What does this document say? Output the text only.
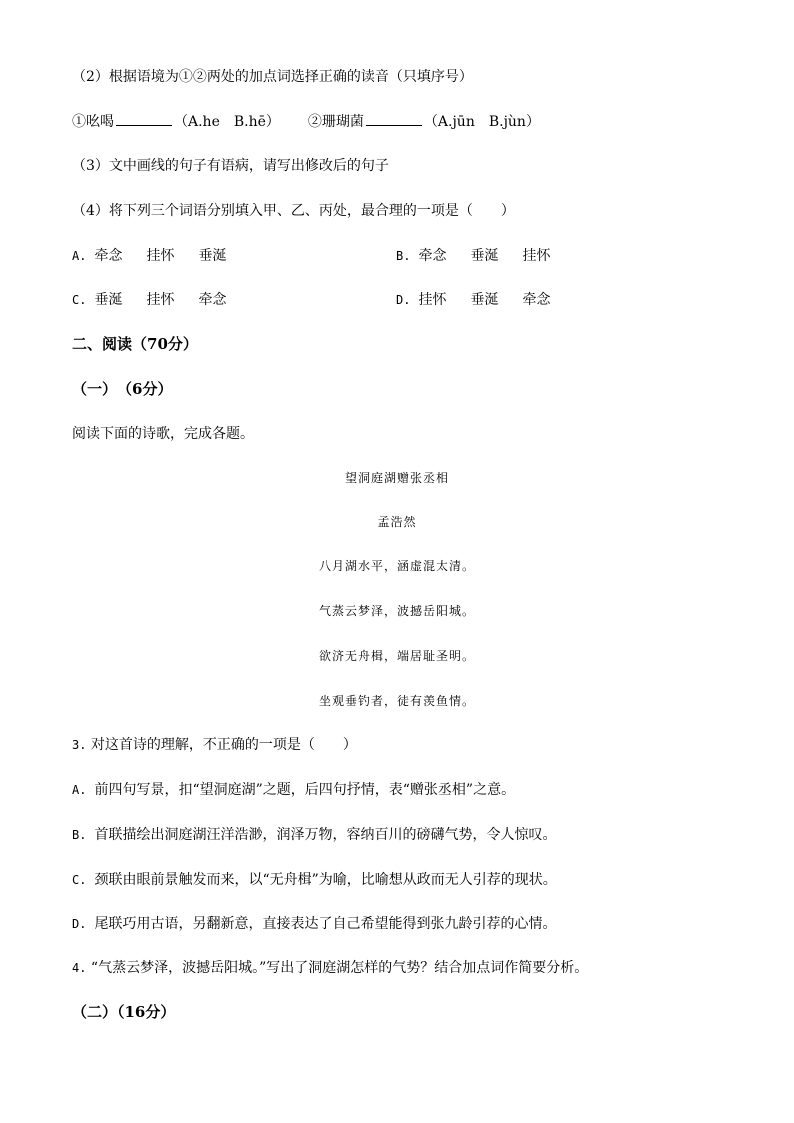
（2）根据语境为①②两处的加点词选择正确的读音（只填序号）
①吆喝	（A.he　B.hē） ②珊瑚菌	（A.jūn　B.jùn）
（3）文中画线的句子有语病，请写出修改后的句子
（4）将下列三个词语分别填入甲、乙、丙处，最合理的一项是（　　）
A. 牵念 挂怀 垂涎	B. 牵念 垂涎 挂怀
C. 垂涎 挂怀 牵念	D. 挂怀 垂涎 牵念
二、阅读（70分）
（一）　（6分）
阅读下面的诗歌，完成各题。
望洞庭湖赠张丞相
孟浩然
八月湖水平，涵虚混太清。
气蒸云梦泽，波撼岳阳城。
欲济无舟楫，端居耻圣明。
坐观垂钓者，徒有羡鱼情。
3. 对这首诗的理解，不正确的一项是（　　）
A. 前四句写景，扣“望洞庭湖”之题，后四句抒情，表“赠张丞相”之意。
B. 首联描绘出洞庭湖汪洋浩渺，润泽万物，容纳百川的磅礴气势，令人惊叹。
C. 颈联由眼前景触发而来，以“无舟楫”为喻，比喻想从政而无人引荐的现状。
D. 尾联巧用古语，另翻新意，直接表达了自己希望能得到张九龄引荐的心情。
4. “气蒸云梦泽，波撼岳阳城。”写出了洞庭湖怎样的气势？结合加点词作简要分析。
（二）（16分）
